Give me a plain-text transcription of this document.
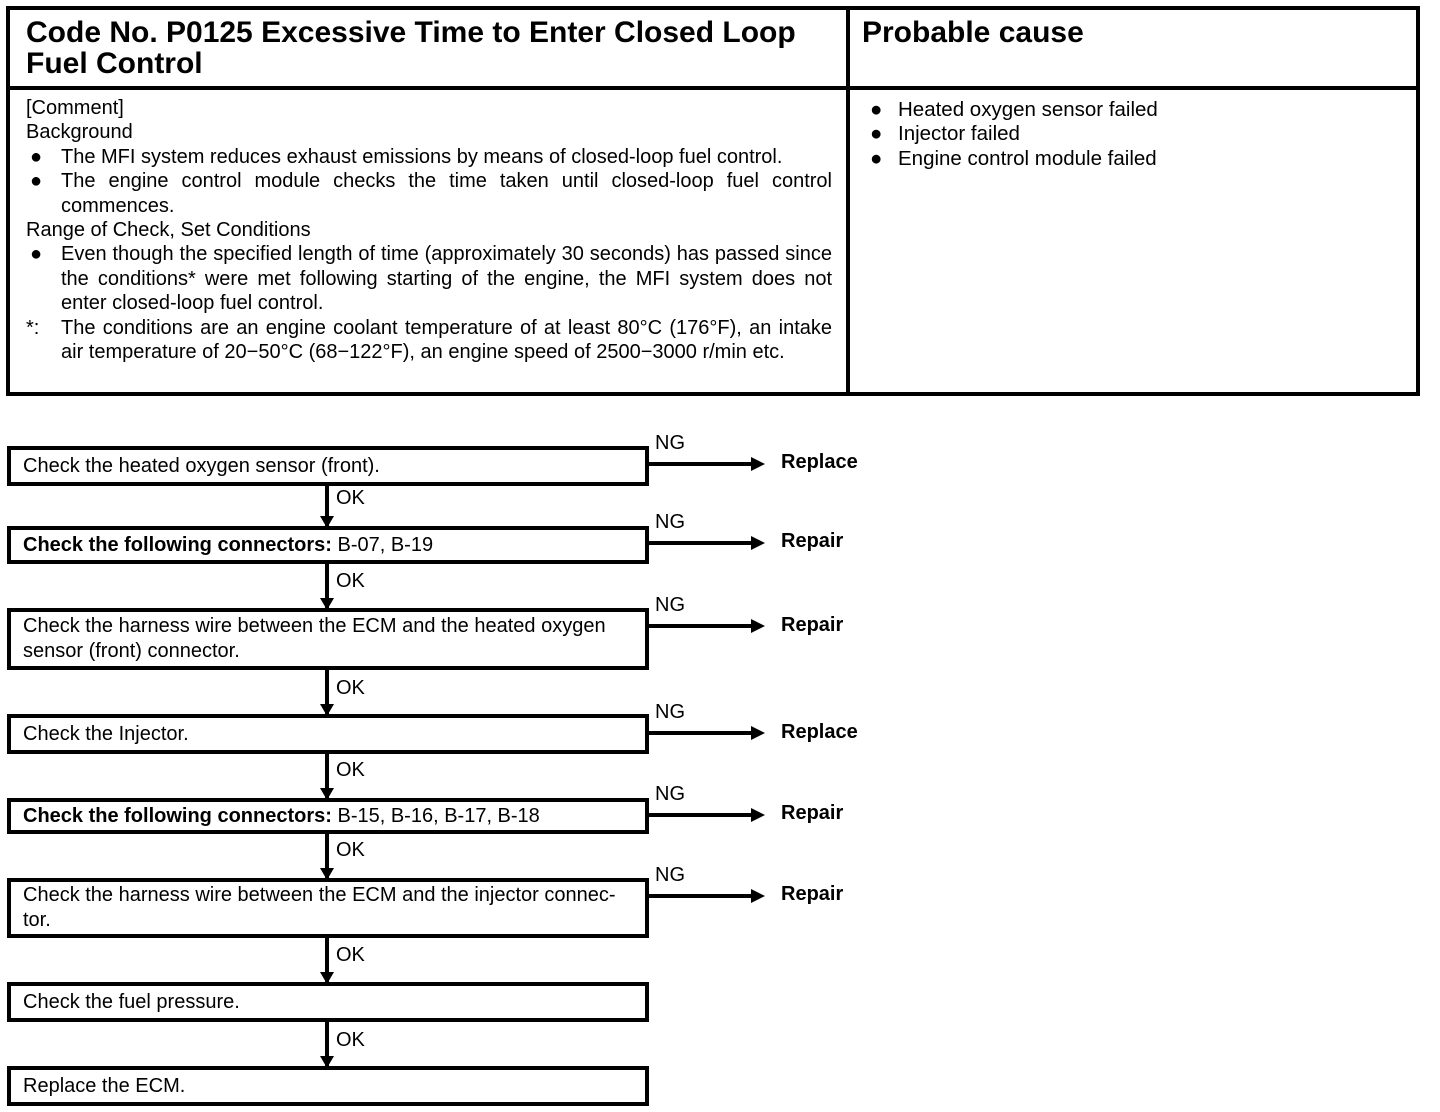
Code No. P0125 Excessive Time to Enter Closed Loop Fuel Control
Probable cause
[Comment]
Background
● The MFI system reduces exhaust emissions by means of closed-loop fuel control.
● The engine control module checks the time taken until closed-loop fuel control commences.
Range of Check, Set Conditions
● Even though the specified length of time (approximately 30 seconds) has passed since the conditions* were met following starting of the engine, the MFI system does not enter closed-loop fuel control.
*: The conditions are an engine coolant temperature of at least 80°C (176°F), an intake air temperature of 20−50°C (68−122°F), an engine speed of 2500−3000 r/min etc.
● Heated oxygen sensor failed
● Injector failed
● Engine control module failed
Check the heated oxygen sensor (front).
NG
Replace
OK
Check the following connectors: B-07, B-19
NG
Repair
OK
Check the harness wire between the ECM and the heated oxygen sensor (front) connector.
NG
Repair
OK
Check the Injector.
NG
Replace
OK
Check the following connectors: B-15, B-16, B-17, B-18
NG
Repair
OK
Check the harness wire between the ECM and the injector connec-tor.
NG
Repair
OK
Check the fuel pressure.
OK
Replace the ECM.
